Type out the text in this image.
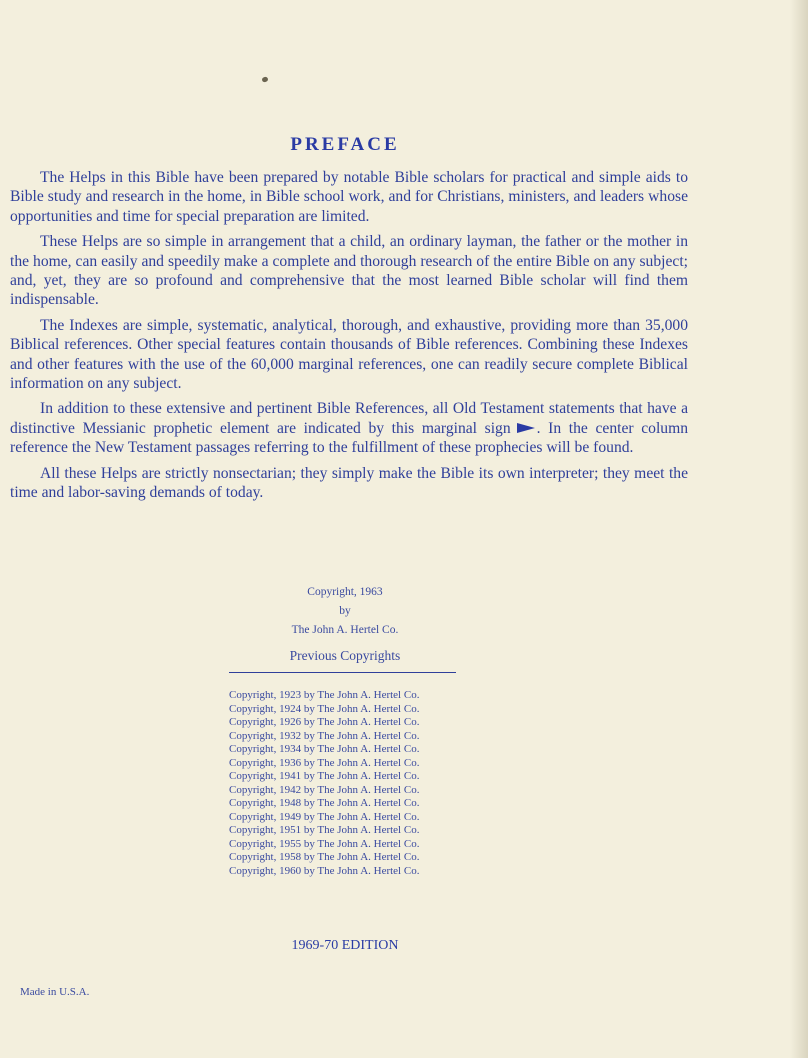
PREFACE

The Helps in this Bible have been prepared by notable Bible scholars for practical and simple aids to Bible study and research in the home, in Bible school work, and for Christians, ministers, and leaders whose opportunities and time for special preparation are limited.

These Helps are so simple in arrangement that a child, an ordinary layman, the father or the mother in the home, can easily and speedily make a complete and thorough research of the entire Bible on any subject; and, yet, they are so profound and comprehensive that the most learned Bible scholar will find them indispensable.

The Indexes are simple, systematic, analytical, thorough, and exhaustive, providing more than 35,000 Biblical references. Other special features contain thousands of Bible references. Combining these Indexes and other features with the use of the 60,000 marginal references, one can readily secure complete Biblical information on any subject.

In addition to these extensive and pertinent Bible References, all Old Testament statements that have a distinctive Messianic prophetic element are indicated by this marginal sign . In the center column reference the New Testament passages referring to the fulfillment of these prophecies will be found.

All these Helps are strictly nonsectarian; they simply make the Bible its own interpreter; they meet the time and labor-saving demands of today.

Copyright, 1963
by
The John A. Hertel Co.
Previous Copyrights
Copyright, 1923 by The John A. Hertel Co.
Copyright, 1924 by The John A. Hertel Co.
Copyright, 1926 by The John A. Hertel Co.
Copyright, 1932 by The John A. Hertel Co.
Copyright, 1934 by The John A. Hertel Co.
Copyright, 1936 by The John A. Hertel Co.
Copyright, 1941 by The John A. Hertel Co.
Copyright, 1942 by The John A. Hertel Co.
Copyright, 1948 by The John A. Hertel Co.
Copyright, 1949 by The John A. Hertel Co.
Copyright, 1951 by The John A. Hertel Co.
Copyright, 1955 by The John A. Hertel Co.
Copyright, 1958 by The John A. Hertel Co.
Copyright, 1960 by The John A. Hertel Co.
1969-70 EDITION
Made in U.S.A.
